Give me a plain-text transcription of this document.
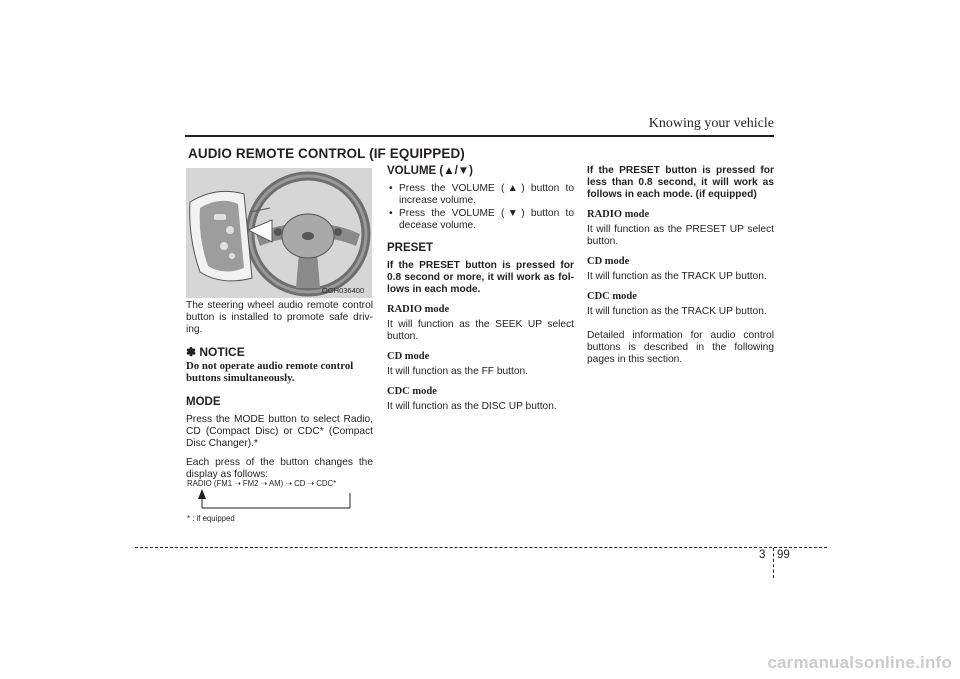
Knowing your vehicle
AUDIO REMOTE CONTROL (IF EQUIPPED)
OGH036400

The steering wheel audio remote control button is installed to promote safe driv-ing.

✽ NOTICE
Do not operate audio remote control buttons simultaneously.
MODE

Press the MODE button to select Radio, CD (Compact Disc) or CDC* (Compact Disc Changer).*

Each press of the button changes the display as follows:

RADIO (FM1 ➝ FM2 ➝ AM) ➝ CD ➝ CDC*
* : if equipped
VOLUME (▲/▼)
• Press the VOLUME (▲) button to increase volume.
• Press the VOLUME (▼) button to decease volume.
PRESET

If the PRESET button is pressed for 0.8 second or more, it will work as fol-lows in each mode.

RADIO mode

It will function as the SEEK UP select button.

CD mode

It will function as the FF button.

CDC mode

It will function as the DISC UP button.

If the PRESET button is pressed for less than 0.8 second, it will work as follows in each mode. (if equipped)

RADIO mode

It will function as the PRESET UP select button.

CD mode

It will function as the TRACK UP button.

CDC mode

It will function as the TRACK UP button.

Detailed information for audio control buttons is described in the following pages in this section.

3 99
carmanualsonline.info
